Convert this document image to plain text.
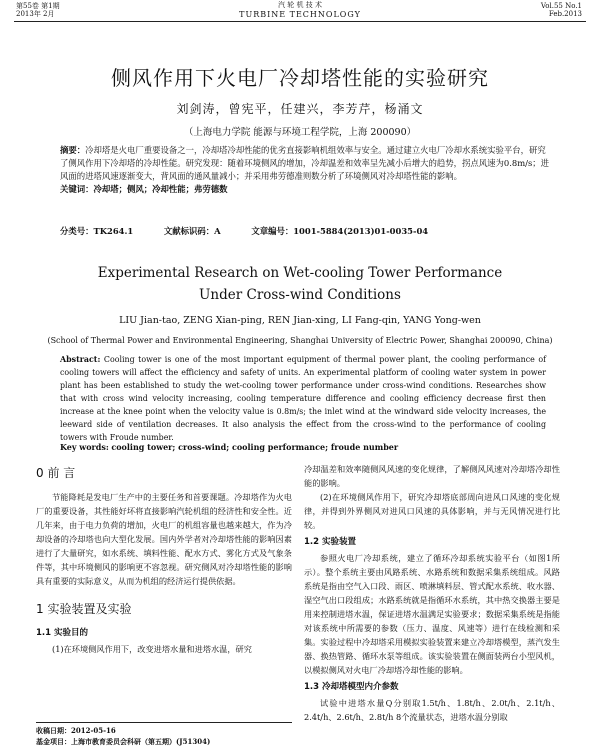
第55卷 第1期
2013年 2月
汽 轮 机 技 术
TURBINE TECHNOLOGY
Vol.55 No.1
Feb.2013
侧风作用下火电厂冷却塔性能的实验研究
刘剑涛，曾宪平，任建兴，李芳芹，杨涌文
（上海电力学院 能源与环境工程学院，上海 200090）
摘要：冷却塔是火电厂重要设备之一，冷却塔冷却性能的优劣直接影响机组效率与安全。通过建立火电厂冷却水系统实验平台，研究了侧风作用下冷却塔的冷却性能。研究发现：随着环境侧风的增加，冷却温差和效率呈先减小后增大的趋势，拐点风速为0.8m/s；进风面的进塔风速逐渐变大，背风面的通风量减小；并采用弗劳德准则数分析了环境侧风对冷却塔性能的影响。
关键词：冷却塔；侧风；冷却性能；弗劳德数
分类号：TK264.1	文献标识码：A	文章编号：1001-5884(2013)01-0035-04
Experimental Research on Wet-cooling Tower Performance
Under Cross-wind Conditions
LIU Jian-tao, ZENG Xian-ping, REN Jian-xing, LI Fang-qin, YANG Yong-wen
(School of Thermal Power and Environmental Engineering, Shanghai University of Electric Power, Shanghai 200090, China)
Abstract: Cooling tower is one of the most important equipment of thermal power plant, the cooling performance of cooling towers will affect the efficiency and safety of units. An experimental platform of cooling water system in power plant has been established to study the wet-cooling tower performance under cross-wind conditions. Researches show that with cross wind velocity increasing, cooling temperature difference and cooling efficiency decrease first then increase at the knee point when the velocity value is 0.8m/s; the inlet wind at the windward side velocity increases, the leeward side of ventilation decreases. It also analysis the effect from the cross-wind to the performance of cooling towers with Froude number.
Key words: cooling tower; cross-wind; cooling performance; froude number
0 前 言

节能降耗是发电厂生产中的主要任务和首要课题。冷却塔作为火电厂的重要设备，其性能好坏将直接影响汽轮机组的经济性和安全性。近几年来，由于电力负荷的增加，火电厂的机组容量也越来越大，作为冷却设备的冷却塔也向大型化发展。国内外学者对冷却塔性能的影响因素进行了大量研究，如水系统、填料性能、配水方式、雾化方式及气象条件等，其中环境侧风的影响更不容忽视。研究侧风对冷却塔性能的影响具有重要的实际意义，从而为机组的经济运行提供依据。

1 实验装置及实验
1.1 实验目的

(1)在环境侧风作用下，改变进塔水量和进塔水温，研究

冷却温差和效率随侧风风速的变化规律，了解侧风风速对冷却塔冷却性能的影响。

(2)在环境侧风作用下，研究冷却塔底部周向进风口风速的变化规律，并得到外界侧风对进风口风速的具体影响，并与无风情况进行比较。

1.2 实验装置

参照火电厂冷却系统，建立了循环冷却系统实验平台（如图1所示）。整个系统主要由风路系统、水路系统和数据采集系统组成。风路系统是指由空气入口段、雨区、喷淋填料层、管式配水系统、收水器、湿空气出口段组成；水路系统就是指循环水系统，其中热交换器主要是用来控制进塔水温，保证进塔水温满足实验要求；数据采集系统是指能对该系统中所需要的参数（压力、温度、风速等）进行在线检测和采集。实验过程中冷却塔采用模拟实验装置来建立冷却塔模型，蒸汽发生器、换热管路、循环水泵等组成。该实验装置在侧面装两台小型风机，以模拟侧风对火电厂冷却塔冷却性能的影响。

1.3 冷却塔模型内介参数

试验中进塔水量Q分别取1.5t/h、1.8t/h、2.0t/h、2.1t/h、2.4t/h、2.6t/h、2.8t/h 8个流量状态，进塔水温分别取

收稿日期：2012-05-16
基金项目：上海市教育委员会科研（第五期）(J51304)
